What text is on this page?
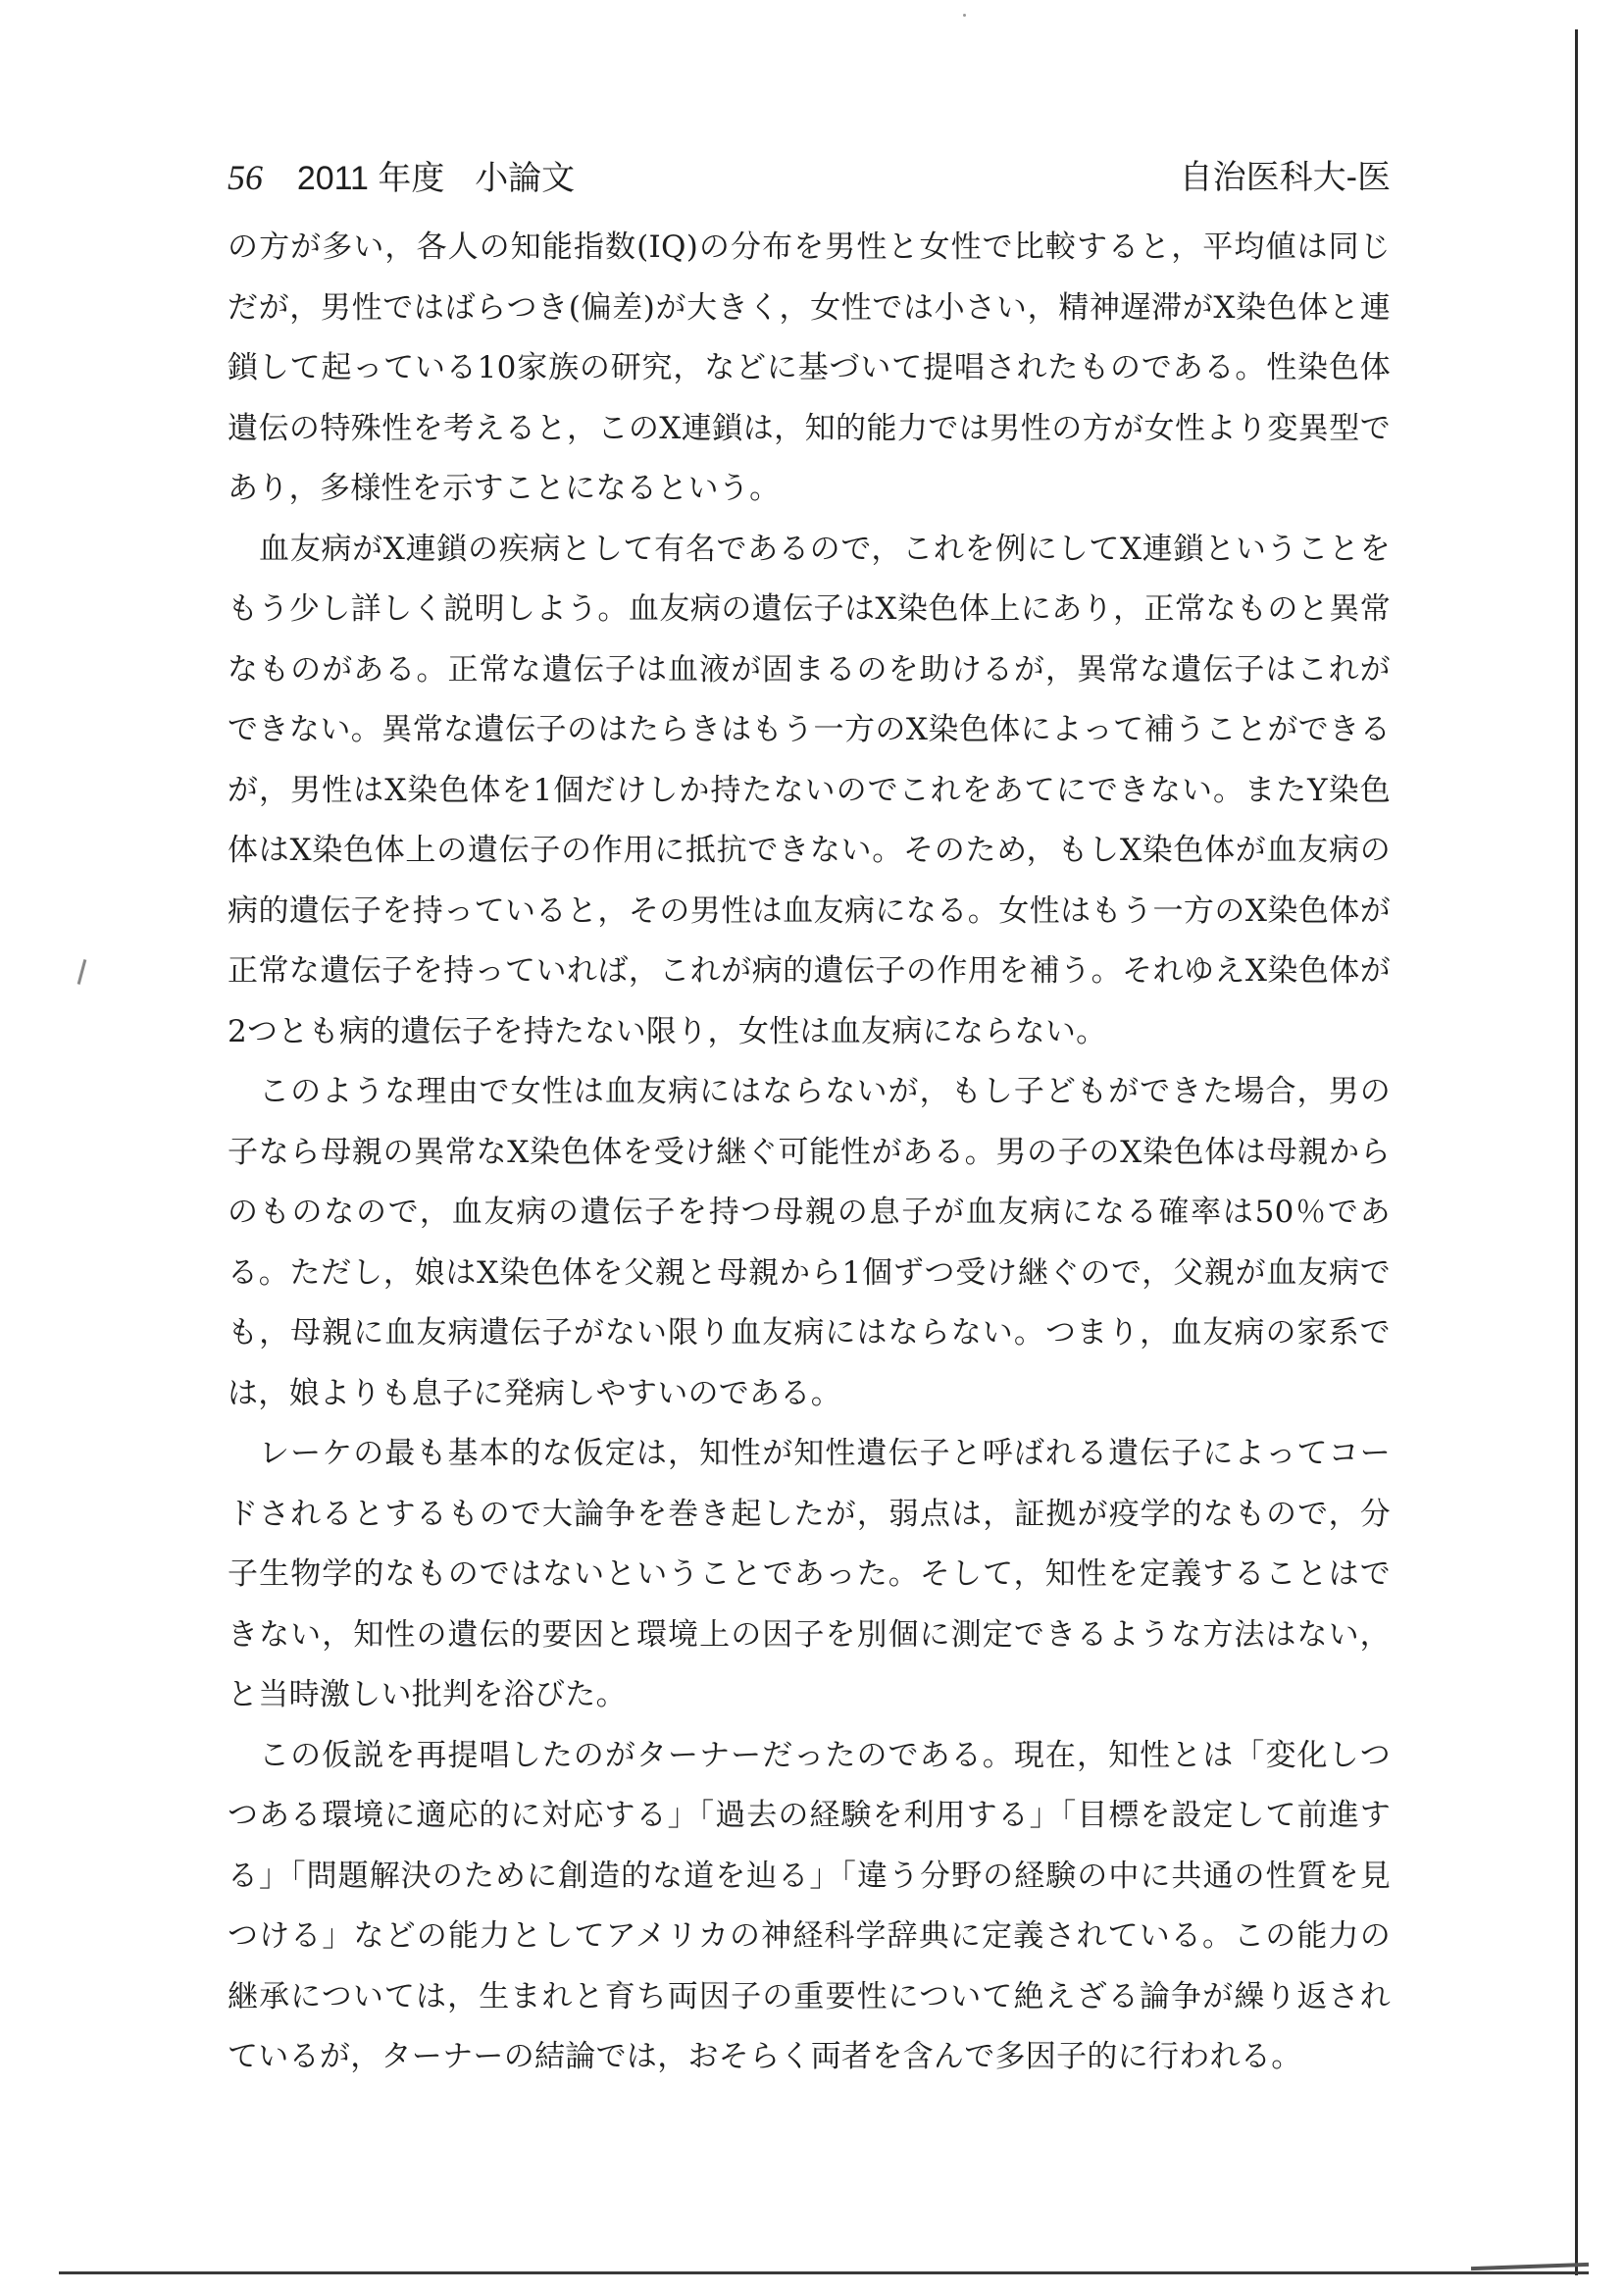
56 2011 年度 小論文	自治医科大-医

の方が多い，各人の知能指数(IQ)の分布を男性と女性で比較すると，平均値は同じだが，男性ではばらつき(偏差)が大きく，女性では小さい，精神遅滞がX染色体と連鎖して起っている10家族の研究，などに基づいて提唱されたものである。性染色体遺伝の特殊性を考えると，このX連鎖は，知的能力では男性の方が女性より変異型であり，多様性を示すことになるという。

血友病がX連鎖の疾病として有名であるので，これを例にしてX連鎖ということをもう少し詳しく説明しよう。血友病の遺伝子はX染色体上にあり，正常なものと異常なものがある。正常な遺伝子は血液が固まるのを助けるが，異常な遺伝子はこれができない。異常な遺伝子のはたらきはもう一方のX染色体によって補うことができるが，男性はX染色体を1個だけしか持たないのでこれをあてにできない。またY染色体はX染色体上の遺伝子の作用に抵抗できない。そのため，もしX染色体が血友病の病的遺伝子を持っていると，その男性は血友病になる。女性はもう一方のX染色体が正常な遺伝子を持っていれば，これが病的遺伝子の作用を補う。それゆえX染色体が2つとも病的遺伝子を持たない限り，女性は血友病にならない。

このような理由で女性は血友病にはならないが，もし子どもができた場合，男の子なら母親の異常なX染色体を受け継ぐ可能性がある。男の子のX染色体は母親からのものなので，血友病の遺伝子を持つ母親の息子が血友病になる確率は50％である。ただし，娘はX染色体を父親と母親から1個ずつ受け継ぐので，父親が血友病でも，母親に血友病遺伝子がない限り血友病にはならない。つまり，血友病の家系では，娘よりも息子に発病しやすいのである。

レーケの最も基本的な仮定は，知性が知性遺伝子と呼ばれる遺伝子によってコードされるとするもので大論争を巻き起したが，弱点は，証拠が疫学的なもので，分子生物学的なものではないということであった。そして，知性を定義することはできない，知性の遺伝的要因と環境上の因子を別個に測定できるような方法はない，と当時激しい批判を浴びた。

この仮説を再提唱したのがターナーだったのである。現在，知性とは「変化しつつある環境に適応的に対応する」「過去の経験を利用する」「目標を設定して前進する」「問題解決のために創造的な道を辿る」「違う分野の経験の中に共通の性質を見つける」などの能力としてアメリカの神経科学辞典に定義されている。この能力の継承については，生まれと育ち両因子の重要性について絶えざる論争が繰り返されているが，ターナーの結論では，おそらく両者を含んで多因子的に行われる。
